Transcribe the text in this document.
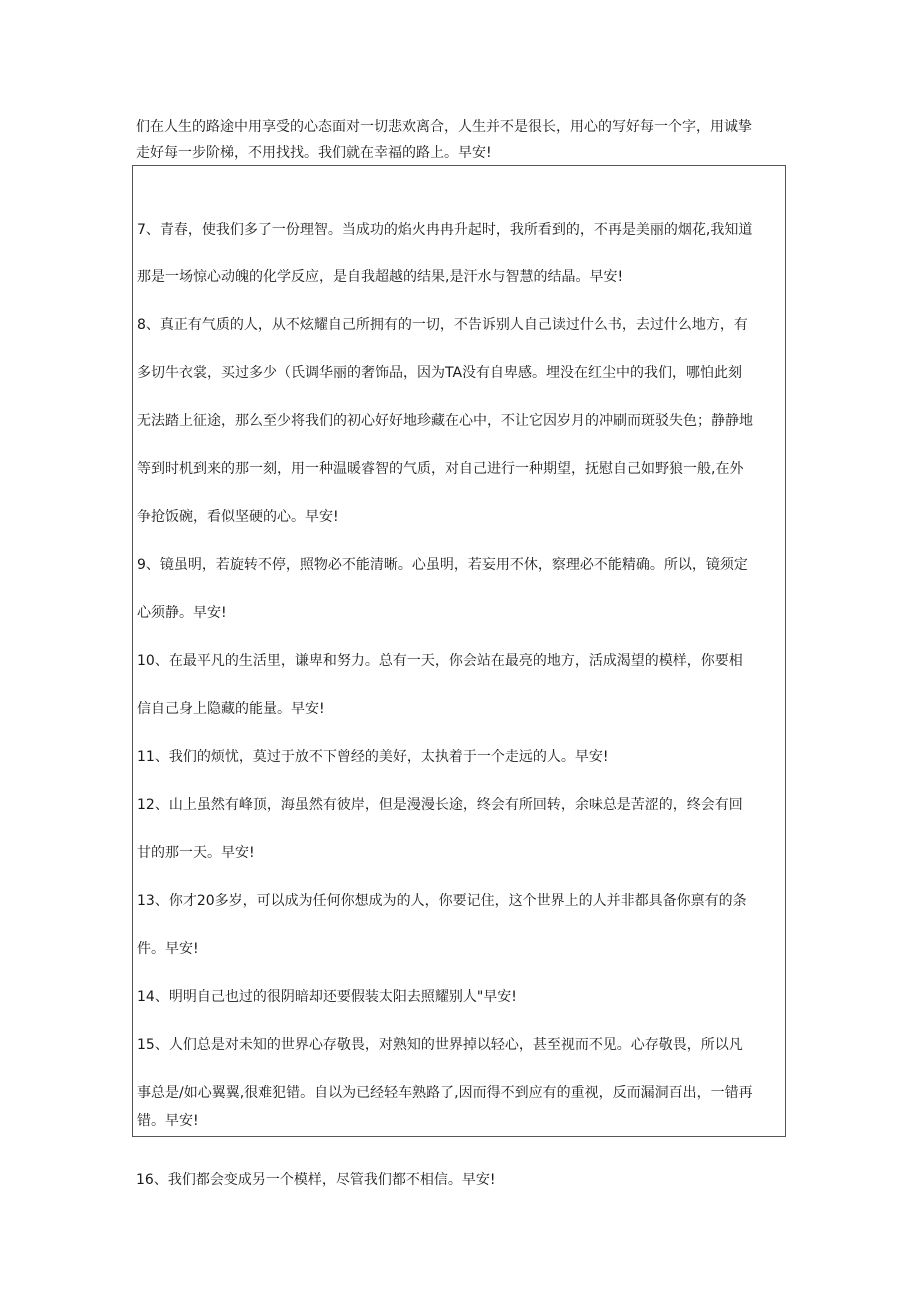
们在人生的路途中用享受的心态面对一切悲欢离合，人生并不是很长，用心的写好每一个字，用诚挚
走好每一步阶梯，不用找找。我们就在幸福的路上。早安!
7、青春，使我们多了一份理智。当成功的焰火冉冉升起时，我所看到的，不再是美丽的烟花,我知道
那是一场惊心动魄的化学反应，是自我超越的结果,是汗水与智慧的结晶。早安!
8、真正有气质的人，从不炫耀自己所拥有的一切，不告诉别人自己读过什么书，去过什么地方，有
多切牛衣裳，买过多少（氏调华丽的奢饰品，因为TA没有自卑感。埋没在红尘中的我们，哪怕此刻
无法踏上征途，那么至少将我们的初心好好地珍藏在心中，不让它因岁月的冲刷而斑驳失色；静静地
等到时机到来的那一刻，用一种温暖睿智的气质，对自己进行一种期望，抚慰自己如野狼一般,在外
争抢饭碗，看似坚硬的心。早安!
9、镜虽明，若旋转不停，照物必不能清晰。心虽明，若妄用不休，察理必不能精确。所以，镜须定
心须静。早安!
10、在最平凡的生活里，谦卑和努力。总有一天，你会站在最亮的地方，活成渴望的模样，你要相
信自己身上隐藏的能量。早安!
11、我们的烦忧，莫过于放不下曾经的美好，太执着于一个走远的人。早安!
12、山上虽然有峰顶，海虽然有彼岸，但是漫漫长途，终会有所回转，余味总是苦涩的，终会有回
甘的那一天。早安!
13、你才20多岁，可以成为任何你想成为的人，你要记住，这个世界上的人并非都具备你禀有的条
件。早安!
14、明明自己也过的很阴暗却还要假装太阳去照耀别人"早安!
15、人们总是对未知的世界心存敬畏，对熟知的世界掉以轻心，甚至视而不见。心存敬畏，所以凡
事总是/如心翼翼,很难犯错。自以为已经轻车熟路了,因而得不到应有的重视，反而漏洞百出，一错再
错。早安!
16、我们都会变成另一个模样，尽管我们都不相信。早安!
